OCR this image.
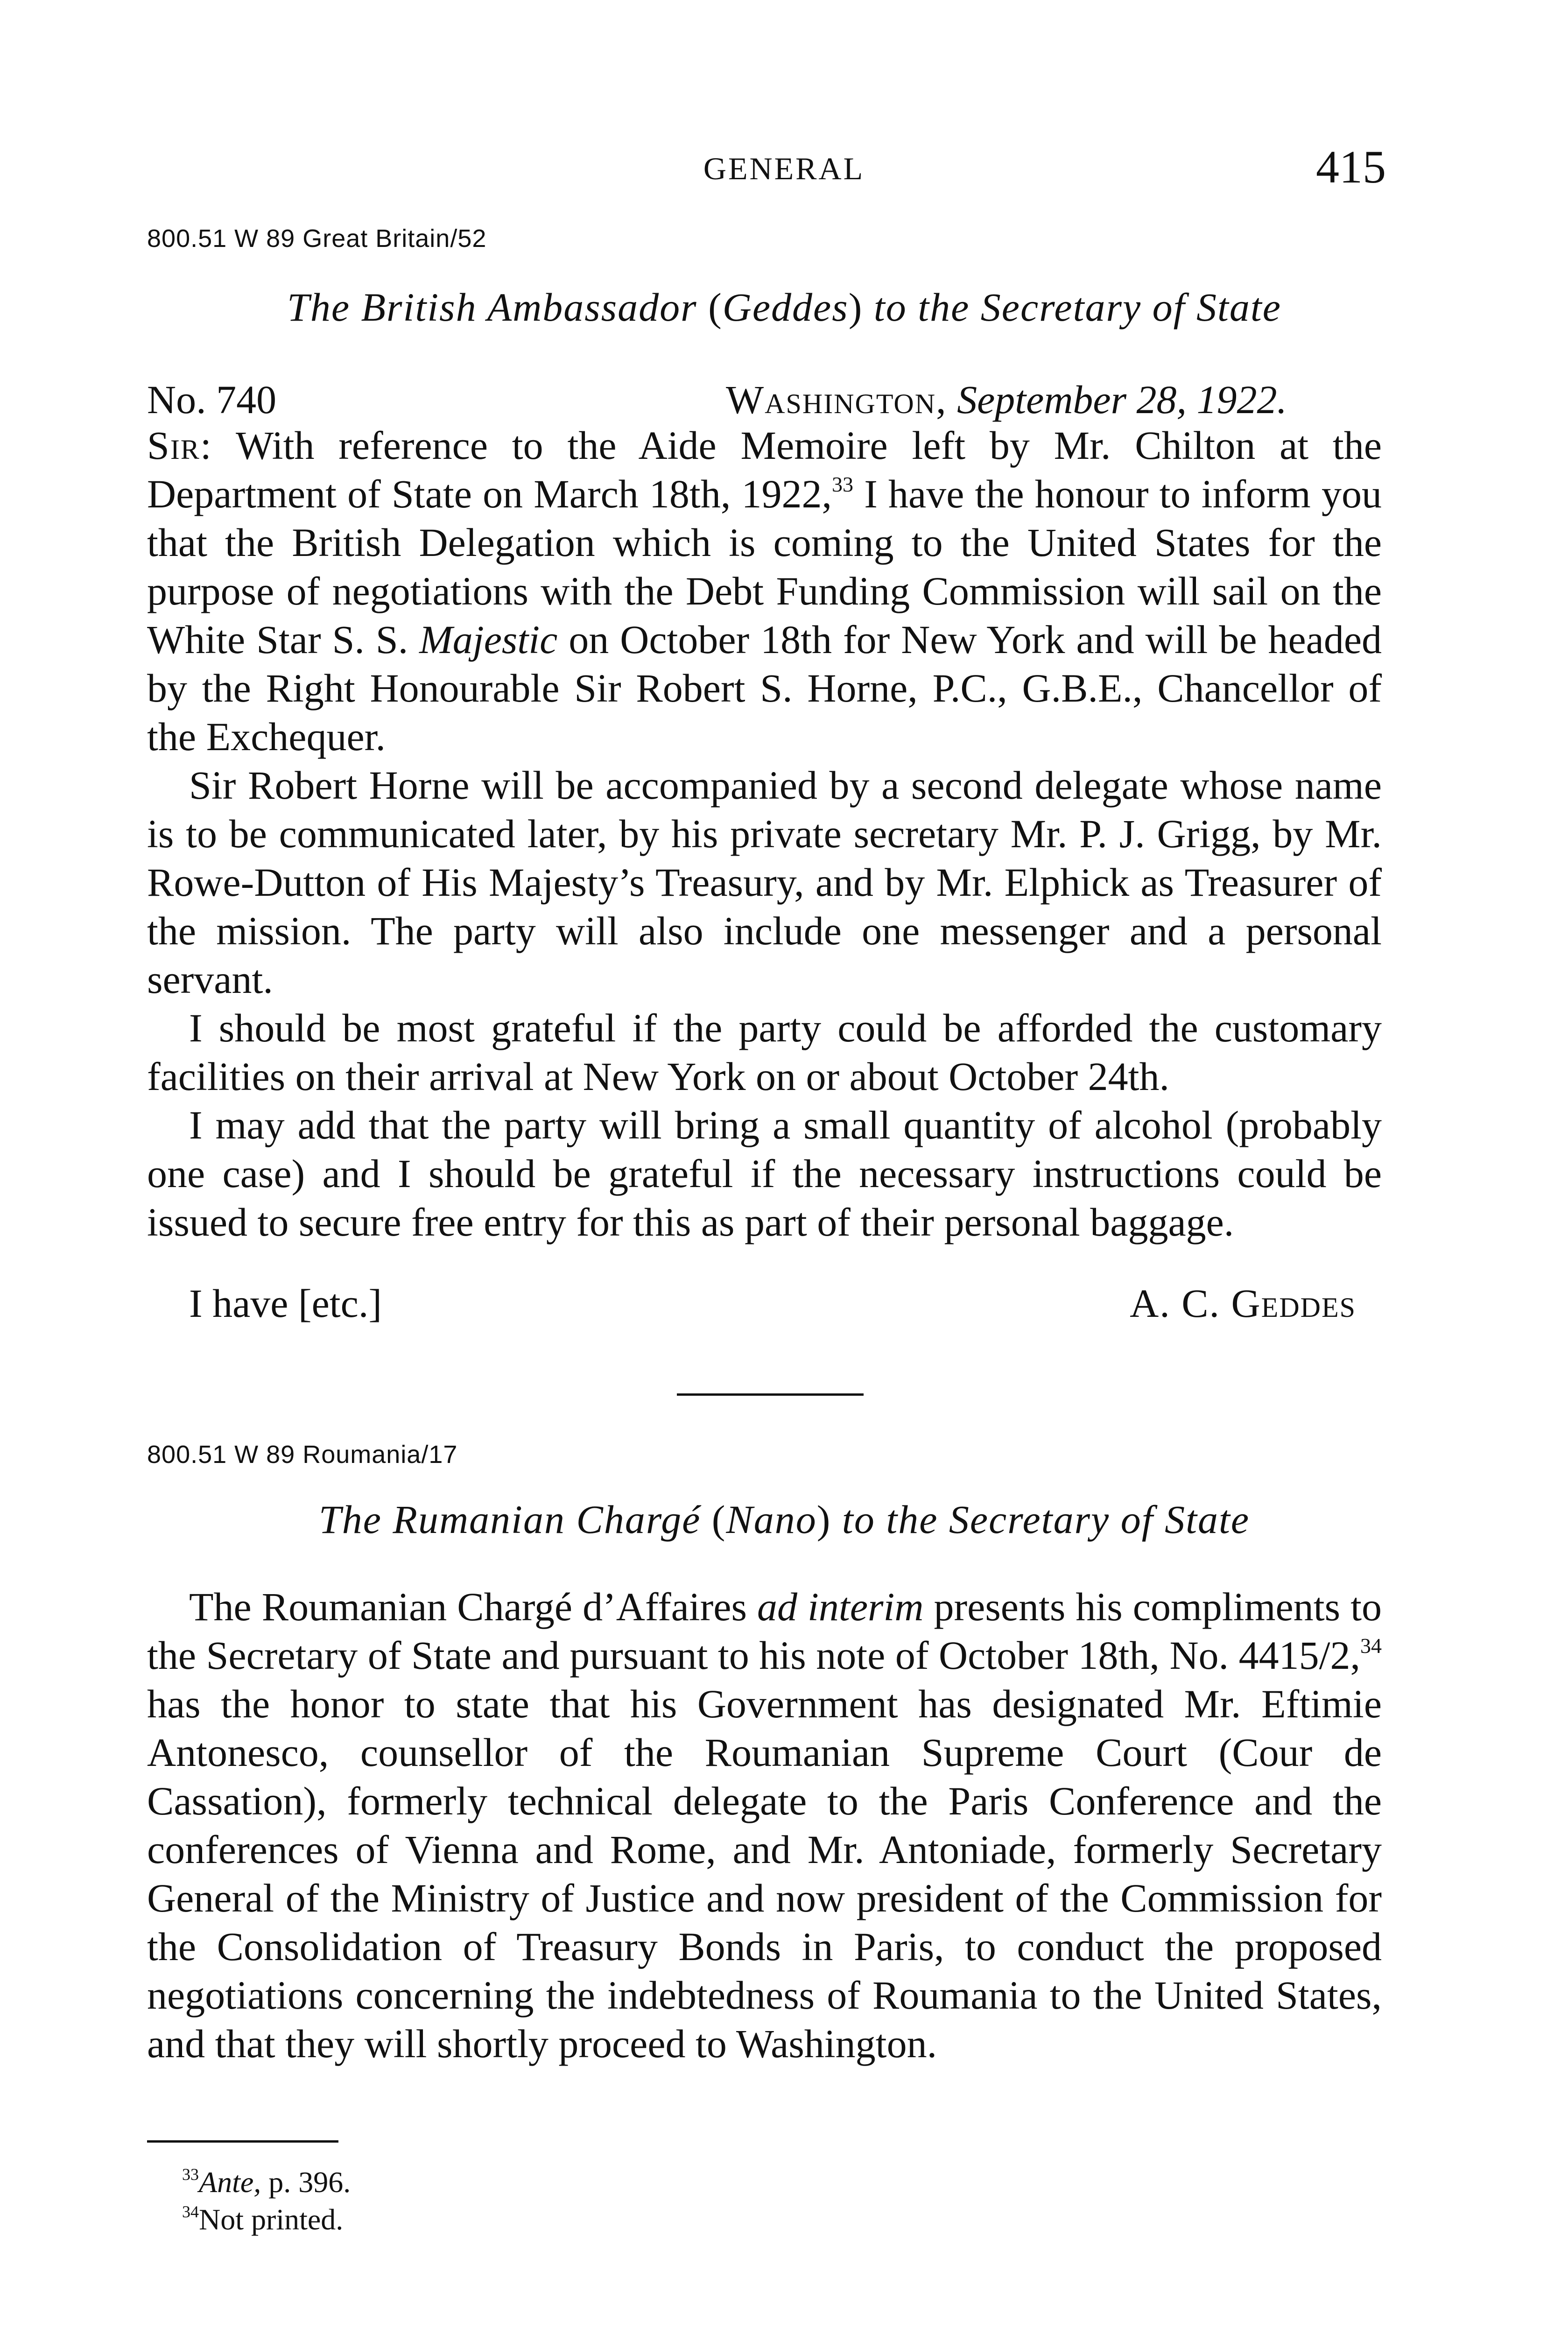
GENERAL	415
800.51 W 89 Great Britain/52
The British Ambassador (Geddes) to the Secretary of State
No. 740	Washington, September 28, 1922.

Sir: With reference to the Aide Memoire left by Mr. Chilton at the Department of State on March 18th, 1922,33 I have the honour to inform you that the British Delegation which is coming to the United States for the purpose of negotiations with the Debt Funding Commission will sail on the White Star S. S. Majestic on October 18th for New York and will be headed by the Right Honourable Sir Robert S. Horne, P.C., G.B.E., Chancellor of the Exchequer.

Sir Robert Horne will be accompanied by a second delegate whose name is to be communicated later, by his private secretary Mr. P. J. Grigg, by Mr. Rowe-Dutton of His Majesty’s Treasury, and by Mr. Elphick as Treasurer of the mission. The party will also include one messenger and a personal servant.

I should be most grateful if the party could be afforded the customary facilities on their arrival at New York on or about October 24th.

I may add that the party will bring a small quantity of alcohol (probably one case) and I should be grateful if the necessary instructions could be issued to secure free entry for this as part of their personal baggage.

I have [etc.]	A. C. Geddes
800.51 W 89 Roumania/17
The Rumanian Chargé (Nano) to the Secretary of State

The Roumanian Chargé d’Affaires ad interim presents his compliments to the Secretary of State and pursuant to his note of October 18th, No. 4415/2,34 has the honor to state that his Government has designated Mr. Eftimie Antonesco, counsellor of the Roumanian Supreme Court (Cour de Cassation), formerly technical delegate to the Paris Conference and the conferences of Vienna and Rome, and Mr. Antoniade, formerly Secretary General of the Ministry of Justice and now president of the Commission for the Consolidation of Treasury Bonds in Paris, to conduct the proposed negotiations concerning the indebtedness of Roumania to the United States, and that they will shortly proceed to Washington.

$^{33}$Ante, p. 396.
$^{34}$Not printed.
